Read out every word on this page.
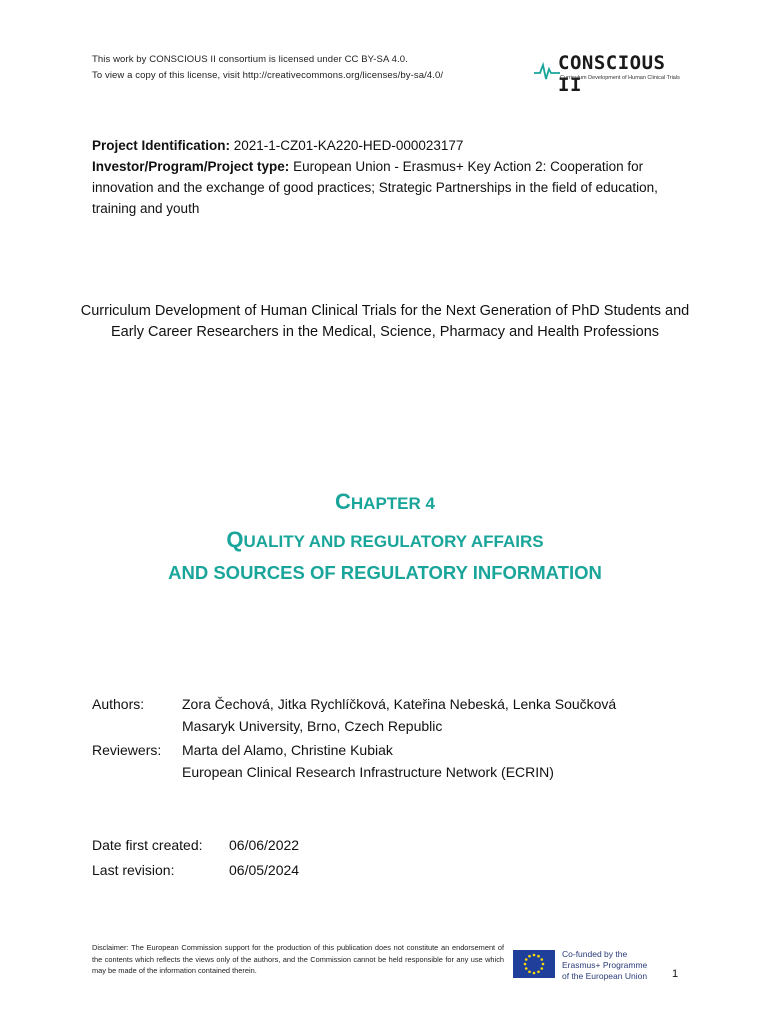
This work by CONSCIOUS II consortium is licensed under CC BY-SA 4.0.
To view a copy of this license, visit http://creativecommons.org/licenses/by-sa/4.0/
CONSCIOUS II
Curriculum Development of Human Clinical Trials
Project Identification: 2021-1-CZ01-KA220-HED-000023177
Investor/Program/Project type: European Union - Erasmus+ Key Action 2: Cooperation for innovation and the exchange of good practices; Strategic Partnerships in the field of education, training and youth
Curriculum Development of Human Clinical Trials for the Next Generation of PhD Students and Early Career Researchers in the Medical, Science, Pharmacy and Health Professions
CHAPTER 4
QUALITY AND REGULATORY AFFAIRS
AND SOURCES OF REGULATORY INFORMATION
Authors:	Zora Čechová, Jitka Rychlíčková, Kateřina Nebeská, Lenka Součková
Masaryk University, Brno, Czech Republic
Reviewers: Marta del Alamo, Christine Kubiak
European Clinical Research Infrastructure Network (ECRIN)
Date first created: 06/06/2022
Last revision:	06/05/2024
Disclaimer: The European Commission support for the production of this publication does not constitute an endorsement of the contents which reflects the views only of the authors, and the Commission cannot be held responsible for any use which may be made of the information contained therein.
Co-funded by the
Erasmus+ Programme
of the European Union 1
